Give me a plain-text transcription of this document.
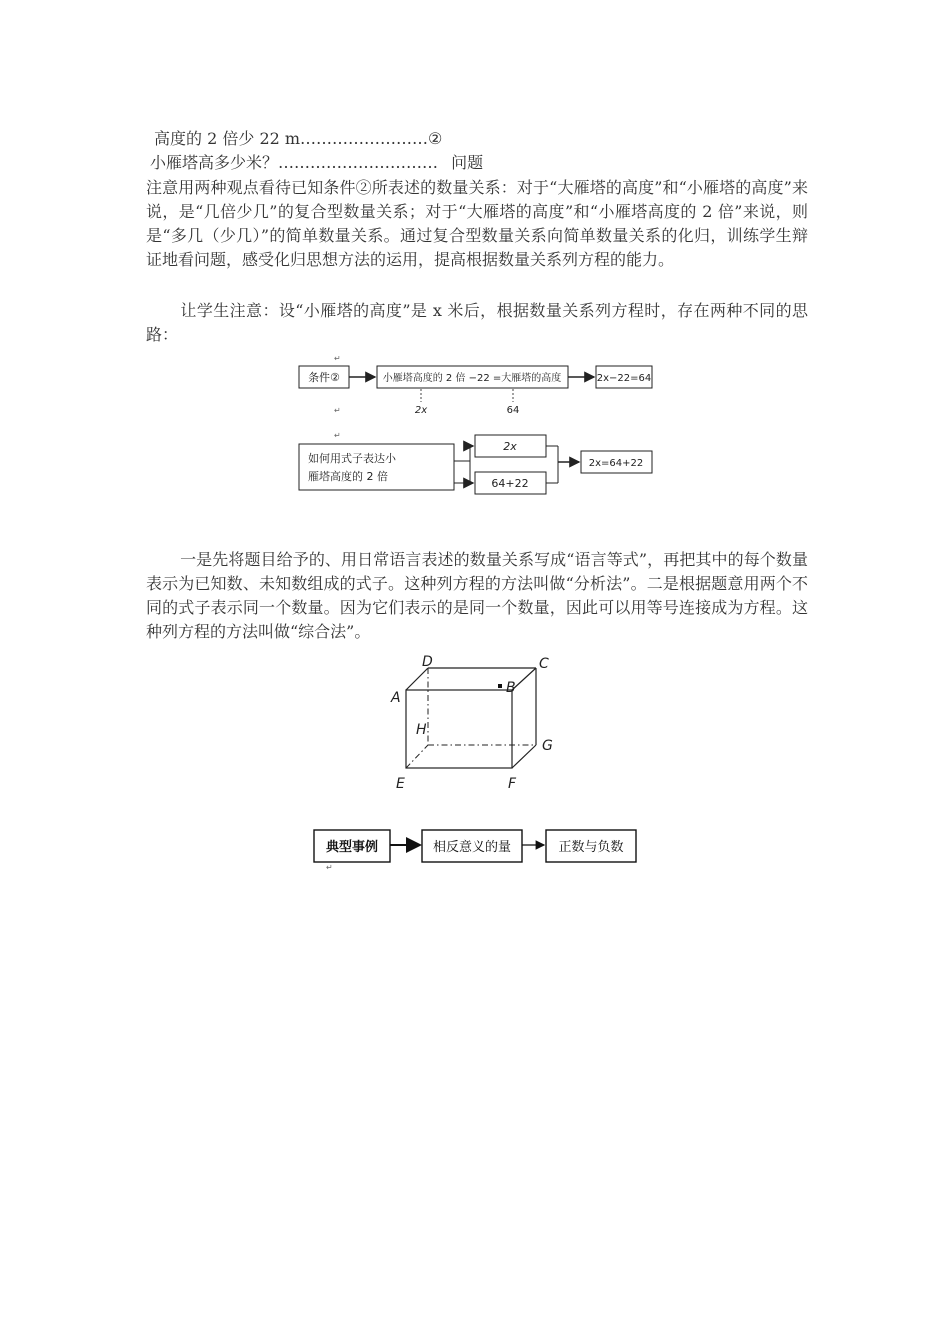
高度的 2 倍少 22 m……………………②
小雁塔高多少米？………………………… 问题
注意用两种观点看待已知条件②所表述的数量关系：对于“大雁塔的高度”和“小雁塔的高度”来说，是“几倍少几”的复合型数量关系；对于“大雁塔的高度”和“小雁塔高度的 2 倍”来说，则是“多几（少几）”的简单数量关系。通过复合型数量关系向简单数量关系的化归，训练学生辩证地看问题，感受化归思想方法的运用，提高根据数量关系列方程的能力。
让学生注意：设“小雁塔的高度”是 x 米后，根据数量关系列方程时，存在两种不同的思路：
条件②	小雁塔高度的 2 倍 −22 =大雁塔的高度	2x−22=64
2x	64
↵
↵
↵
如何用式子表达小
雁塔高度的 2 倍
2x
64+22
2x=64+22
一是先将题目给予的、用日常语言表述的数量关系写成“语言等式”，再把其中的每个数量表示为已知数、未知数组成的式子。这种列方程的方法叫做“分析法”。二是根据题意用两个不同的式子表示同一个数量。因为它们表示的是同一个数量，因此可以用等号连接成为方程。这种列方程的方法叫做“综合法”。
D	C
A
B
H
G
E	F
典型事例	相反意义的量	正数与负数
↵
